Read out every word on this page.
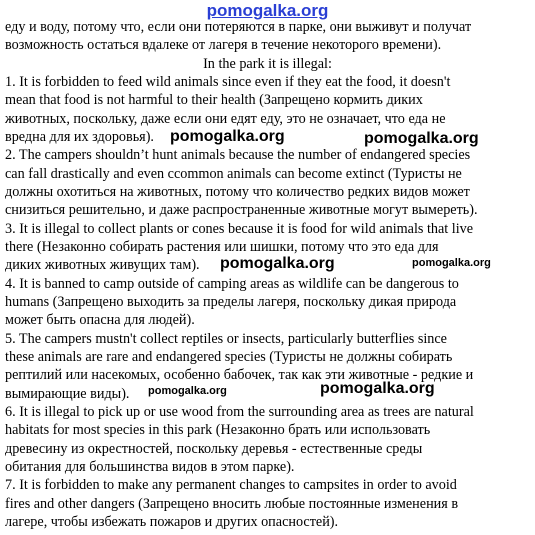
еду и воду, потому что, если они потеряются в парке, они выживут и получат
возможность остаться вдалеке от лагеря в течение некоторого времени).
In the park it is illegal:
1. It is forbidden to feed wild animals since even if they eat the food, it doesn't
mean that food is not harmful to their health (Запрещено кормить диких
животных, поскольку, даже если они едят еду, это не означает, что еда не
вредна для их здоровья).
2. The campers shouldn’t hunt animals because the number of endangered species
can fall drastically and even ccommon animals can become extinct (Туристы не
должны охотиться на животных, потому что количество редких видов может
снизиться решительно, и даже распространенные животные могут вымереть).
3. It is illegal to collect plants or cones because it is food for wild animals that live
there (Незаконно собирать растения или шишки, потому что это еда для
диких животных живущих там).
4. It is banned to camp outside of camping areas as wildlife can be dangerous to
humans (Запрещено выходить за пределы лагеря, поскольку дикая природа
может быть опасна для людей).
5. The campers mustn't collect reptiles or insects, particularly butterflies since
these animals are rare and endangered species (Туристы не должны собирать
рептилий или насекомых, особенно бабочек, так как эти животные - редкие и
вымирающие виды).
6. It is illegal to pick up or use wood from the surrounding area as trees are natural
habitats for most species in this park (Незаконно брать или использовать
древесину из окрестностей, поскольку деревья - естественные среды
обитания для большинства видов в этом парке).
7. It is forbidden to make any permanent changes to campsites in order to avoid
fires and other dangers (Запрещено вносить любые постоянные изменения в
лагере, чтобы избежать пожаров и других опасностей).
pomogalka.org
pomogalka.org	pomogalka.org
pomogalka.org	pomogalka.org
pomogalka.org	pomogalka.org
